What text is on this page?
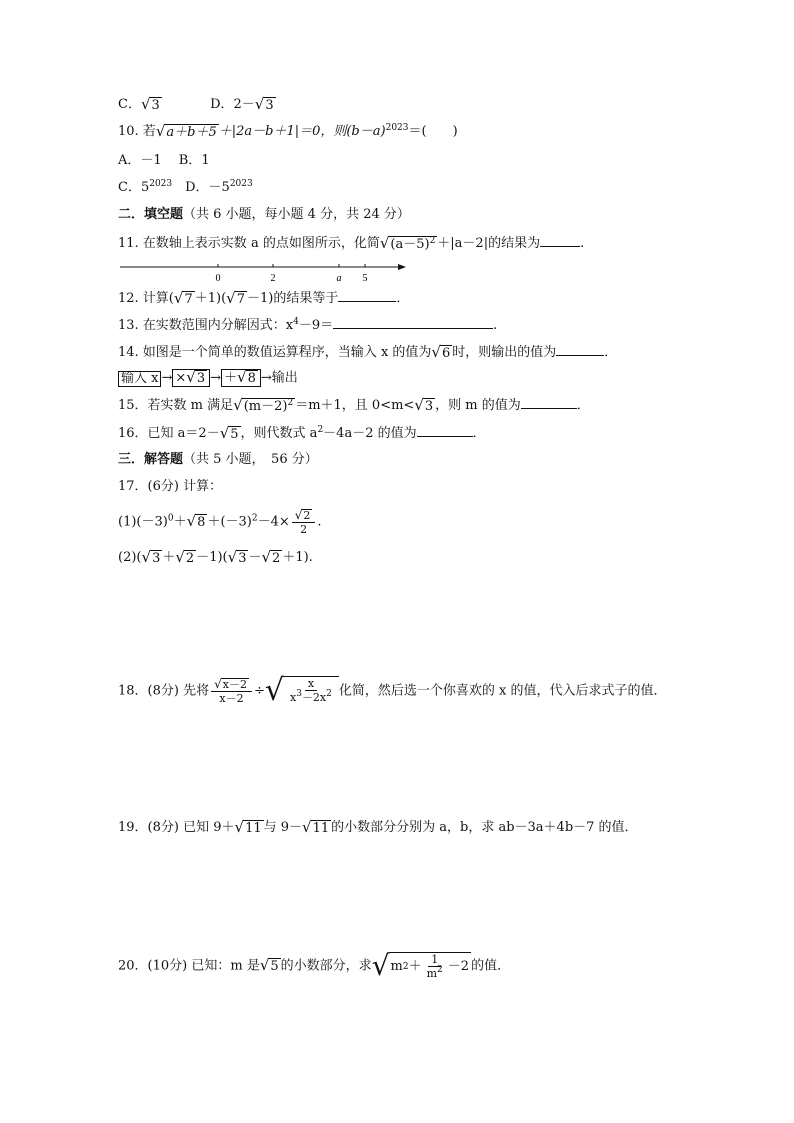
C． √ 3	D．2－ √ 3
10. 若 √ a＋b＋5 ＋|2a－b＋1|＝0，则$(b-a)^{2023}=$(　　)
A．－1　 B．1
C．$5^{2023}$　D．$-5^{2023}$
二．填空题（共 6 小题，每小题 4 分，共 24 分）
11. 在数轴上表示实数 a 的点如图所示，化简 √ $(a-5)^2 +|a-2|$的结果为	.
0	2	a 5
12. 计算( √ 7 ＋1)( √ 7 －1)的结果等于	．
13. 在实数范围内分解因式：$x^4-9=$	.
14. 如图是一个简单的数值运算程序，当输入 x 的值为 √ 6 时，则输出的值为	．
输入 x → × √ 3 → ＋ √ 8 →输出
15．若实数 m 满足 √ $(m-2)^2 =m+1$，且 0<m< √ 3 ，则 m 的值为	．
16．已知 a＝2－ √ 5 ，则代数式 $a^2-4a-2$ 的值为	．
三．解答题（共 5 小题，　56 分）
17．(6分) 计算：
$(1)(-3)^0+$ √ $8 +(-3)^2-4\times \frac{√ 2}{2}$ .
(2)( √ 3 ＋ √ 2 －1)( √ 3 － √ 2 ＋1).
18．(8分) 先将 $\frac{√ x-2}{x-2}$ ÷ √ $\frac{x}{x^3-2x^2}$ 化简，然后选一个你喜欢的 x 的值，代入后求式子的值．
19．(8分) 已知 9＋ √ 11 与 9－ √ 11 的小数部分分别为 a，b，求 ab－3a＋4b－7 的值．
20．(10分) 已知：m 是 √ 5 的小数部分，求 √ m $2 + \frac{1}{m^2} -2$ 的值．
